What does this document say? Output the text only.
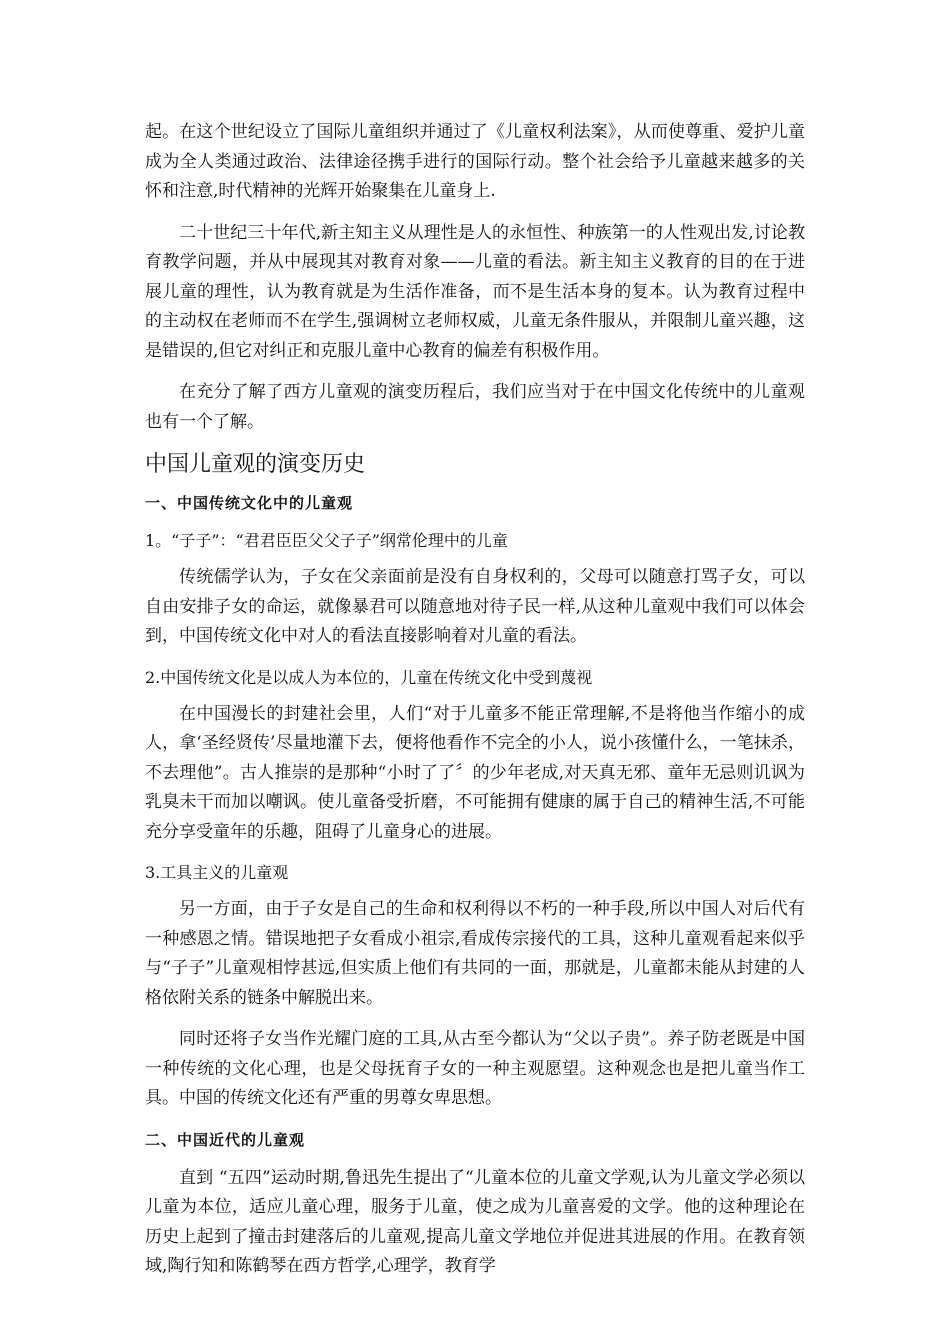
起。在这个世纪设立了国际儿童组织并通过了《儿童权利法案》，从而使尊重、爱护儿童成为全人类通过政治、法律途径携手进行的国际行动。整个社会给予儿童越来越多的关怀和注意,时代精神的光辉开始聚集在儿童身上.

二十世纪三十年代,新主知主义从理性是人的永恒性、种族第一的人性观出发,讨论教育教学问题，并从中展现其对教育对象——儿童的看法。新主知主义教育的目的在于进展儿童的理性，认为教育就是为生活作准备，而不是生活本身的复本。认为教育过程中的主动权在老师而不在学生,强调树立老师权威，儿童无条件服从，并限制儿童兴趣，这是错误的,但它对纠正和克服儿童中心教育的偏差有积极作用。

在充分了解了西方儿童观的演变历程后，我们应当对于在中国文化传统中的儿童观也有一个了解。

中国儿童观的演变历史
一、中国传统文化中的儿童观
1。“子子”：“君君臣臣父父子子”纲常伦理中的儿童

传统儒学认为，子女在父亲面前是没有自身权利的，父母可以随意打骂子女，可以自由安排子女的命运，就像暴君可以随意地对待子民一样,从这种儿童观中我们可以体会到，中国传统文化中对人的看法直接影响着对儿童的看法。

2.中国传统文化是以成人为本位的，儿童在传统文化中受到蔑视

在中国漫长的封建社会里，人们“对于儿童多不能正常理解,不是将他当作缩小的成人，拿‘圣经贤传’尽量地灌下去，便将他看作不完全的小人，说小孩懂什么，一笔抹杀，不去理他”。古人推崇的是那种“小时了了〞的少年老成,对天真无邪、童年无忌则讥讽为乳臭未干而加以嘲讽。使儿童备受折磨，不可能拥有健康的属于自己的精神生活,不可能充分享受童年的乐趣，阻碍了儿童身心的进展。

3.工具主义的儿童观

另一方面，由于子女是自己的生命和权利得以不朽的一种手段,所以中国人对后代有一种感恩之情。错误地把子女看成小祖宗,看成传宗接代的工具，这种儿童观看起来似乎与“子子”儿童观相悖甚远,但实质上他们有共同的一面，那就是，儿童都未能从封建的人格依附关系的链条中解脱出来。

同时还将子女当作光耀门庭的工具,从古至今都认为“父以子贵”。养子防老既是中国一种传统的文化心理，也是父母抚育子女的一种主观愿望。这种观念也是把儿童当作工具。中国的传统文化还有严重的男尊女卑思想。

二、中国近代的儿童观

直到 “五四”运动时期,鲁迅先生提出了“儿童本位的儿童文学观,认为儿童文学必须以儿童为本位，适应儿童心理，服务于儿童，使之成为儿童喜爱的文学。他的这种理论在历史上起到了撞击封建落后的儿童观,提高儿童文学地位并促进其进展的作用。在教育领域,陶行知和陈鹤琴在西方哲学,心理学，教育学
